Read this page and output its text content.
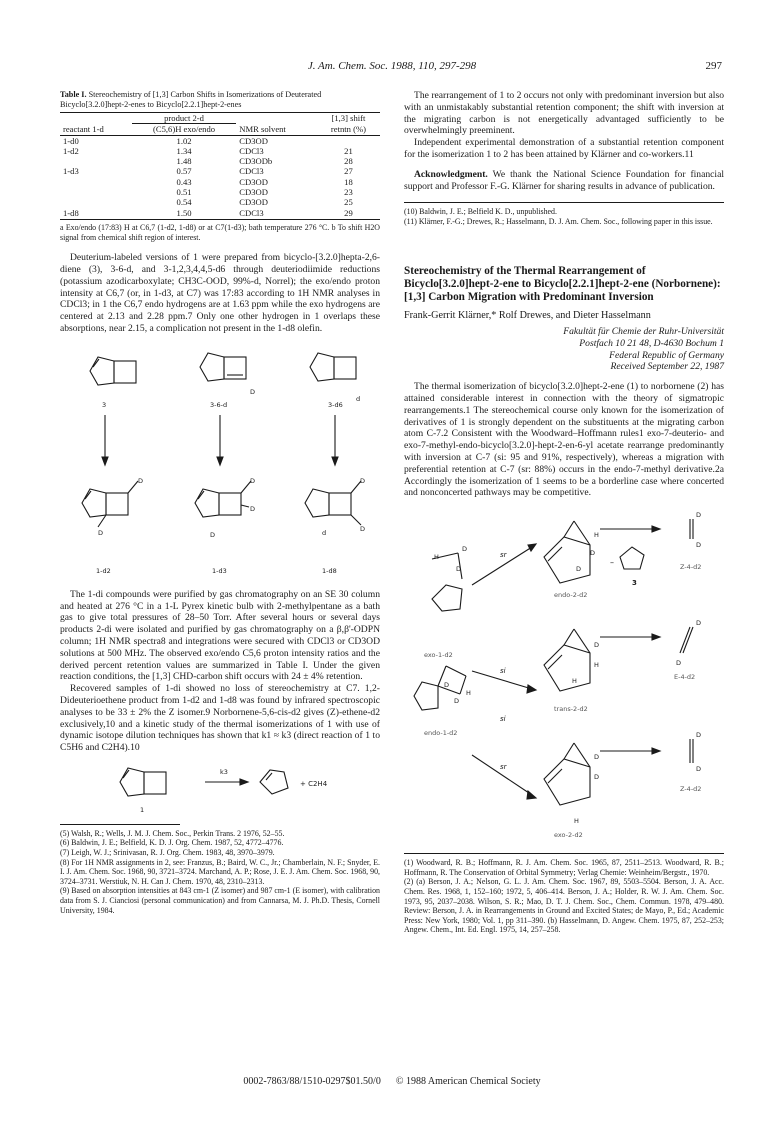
J. Am. Chem. Soc. 1988, 110, 297-298	297
Table I. Stereochemistry of [1,3] Carbon Shifts in Isomerizations of Deuterated Bicyclo[3.2.0]hept-2-enes to Bicyclo[2.2.1]hept-2-enes
	product 2-d		[1,3] shift
reactant 1-d	(C5,6)H exo/endo	NMR solvent	retntn (%)
1-d0	1.02	CD3OD	
1-d2	1.34	CDCl3	21
	1.48	CD3ODb	28
1-d3	0.57	CDCl3	27
	0.43	CD3OD	18
	0.51	CD3OD	23
	0.54	CD3OD	25
1-d8	1.50	CDCl3	29
a Exo/endo (17:83) H at C6,7 (1-d2, 1-d8) or at C7(1-d3); bath temperature 276 °C. b To shift H2O signal from chemical shift region of interest.

Deuterium-labeled versions of 1 were prepared from bicyclo-[3.2.0]hepta-2,6-diene (3), 3-6-d, and 3-1,2,3,4,4,5-d6 through deuteriodiimide reductions (potassium azodicarboxylate; CH3C-OOD, 99%-d, Norrel); the exo/endo proton intensity at C6,7 (or, in 1-d3, at C7) was 17:83 according to 1H NMR analyses in CDCl3; in 1 the C6,7 endo hydrogens are at 1.63 ppm while the exo hydrogens are centered at 2.13 and 2.28 ppm.7 Only one other hydrogen in 1 overlaps these absorptions, near 2.15, a complication not present in the 1-d8 olefin.

D
d
D	D	D
D
D
D
D
d
3	3-6-d	3-d6
1-d2	1-d3	1-d8

The 1-di compounds were purified by gas chromatography on an SE 30 column and heated at 276 °C in a 1-L Pyrex kinetic bulb with 2-methylpentane as a bath gas to give total pressures of 28–50 Torr. After several hours or several days products 2-di were isolated and purified by gas chromatography on a β,β'-ODPN column; 1H NMR spectra8 and integrations were secured with CDCl3 or CD3OD solutions at 500 MHz. The observed exo/endo C5,6 proton intensity ratios and the derived percent retention values are summarized in Table I. Under the given reaction conditions, the [1,3] CHD-carbon shift occurs with 24 ± 4% retention.

Recovered samples of 1-di showed no loss of stereochemistry at C7. 1,2-Dideuterioethene product from 1-d2 and 1-d8 was found by infrared spectroscopic analyses to be 33 ± 2% the Z isomer.9 Norbornene-5,6-cis-d2 gives (Z)-ethene-d2 exclusively,10 and a kinetic study of the thermal isomerizations of 1 with use of dynamic isotope dilution techniques has shown that k1 ≈ k3 (direct reaction of 1 to C5H6 and C2H4).10

k3
+ C2H4
1
(5) Walsh, R.; Wells, J. M. J. Chem. Soc., Perkin Trans. 2 1976, 52–55.
(6) Baldwin, J. E.; Belfield, K. D. J. Org. Chem. 1987, 52, 4772–4776.
(7) Leigh, W. J.; Srinivasan, R. J. Org. Chem. 1983, 48, 3970–3979.
(8) For 1H NMR assignments in 2, see: Franzus, B.; Baird, W. C., Jr.; Chamberlain, N. F.; Snyder, E. I. J. Am. Chem. Soc. 1968, 90, 3721–3724. Marchand, A. P.; Rose, J. E. J. Am. Chem. Soc. 1968, 90, 3724–3731. Werstiuk, N. H. Can J. Chem. 1970, 48, 2310–2313.
(9) Based on absorption intensities at 843 cm-1 (Z isomer) and 987 cm-1 (E isomer), with calibration data from S. J. Cianciosi (personal communication) and from Cannarsa, M. J. Ph.D. Thesis, Cornell University, 1984.

The rearrangement of 1 to 2 occurs not only with predominant inversion but also with an unmistakably substantial retention component; the shift with inversion at the migrating carbon is not energetically advantaged sufficiently to be overwhelmingly preeminent.

Independent experimental demonstration of a substantial retention component for the isomerization 1 to 2 has been attained by Klärner and co-workers.11

Acknowledgment. We thank the National Science Foundation for financial support and Professor F.-G. Klärner for sharing results in advance of publication.

(10) Baldwin, J. E.; Belfield K. D., unpublished.
(11) Klärner, F.-G.; Drewes, R.; Hasselmann, D. J. Am. Chem. Soc., following paper in this issue.
Stereochemistry of the Thermal Rearrangement of Bicyclo[3.2.0]hept-2-ene to Bicyclo[2.2.1]hept-2-ene (Norbornene): [1,3] Carbon Migration with Predominant Inversion
Frank-Gerrit Klärner,* Rolf Drewes, and Dieter Hasselmann
Fakultät für Chemie der Ruhr-Universität
Postfach 10 21 48, D-4630 Bochum 1
Federal Republic of Germany
Received September 22, 1987

The thermal isomerization of bicyclo[3.2.0]hept-2-ene (1) to norbornene (2) has attained considerable interest in connection with the theory of sigmatropic rearrangements.1 The stereochemical course only known for the isomerization of derivatives of 1 is strongly dependent on the substituents at the migrating carbon atom C-7.2 Consistent with the Woodward–Hoffmann rules1 exo-7-deuterio- and exo-7-methyl-endo-bicyclo[3.2.0]-hept-2-en-6-yl acetate rearrange predominantly with inversion at C-7 (si: 95 and 91%, respectively), whereas a migration with preferential retention at C-7 (sr: 88%) occurs in the endo-7-methyl derivative.2a Accordingly the isomerization of 1 seems to be a borderline case where concerted and nonconcerted pathways may be competitive.

H
D
D
D
H
H
D
D
H
D
D
D
D
D
D
H
D
D
D
H
D
sr
si
si
sr
endo-2-d2
exo-1-d2
trans-2-d2
endo-1-d2
exo-2-d2
Z-4-d2
E-4-d2
Z-4-d2
3
–
(1) Woodward, R. B.; Hoffmann, R. J. Am. Chem. Soc. 1965, 87, 2511–2513. Woodward, R. B.; Hoffmann, R. The Conservation of Orbital Symmetry; Verlag Chemie: Weinheim/Bergstr., 1970.
(2) (a) Berson, J. A.; Nelson, G. L. J. Am. Chem. Soc. 1967, 89, 5503–5504. Berson, J. A. Acc. Chem. Res. 1968, 1, 152–160; 1972, 5, 406–414. Berson, J. A.; Holder, R. W. J. Am. Chem. Soc. 1973, 95, 2037–2038. Wilson, S. R.; Mao, D. T. J. Chem. Soc., Chem. Commun. 1978, 479–480. Review: Berson, J. A. in Rearrangements in Ground and Excited States; de Mayo, P., Ed.; Academic Press: New York, 1980; Vol. 1, pp 311–390. (b) Hasselmann, D. Angew. Chem. 1975, 87, 252–253; Angew. Chem., Int. Ed. Engl. 1975, 14, 257–258.
0002-7863/88/1510-0297$01.50/0 © 1988 American Chemical Society
